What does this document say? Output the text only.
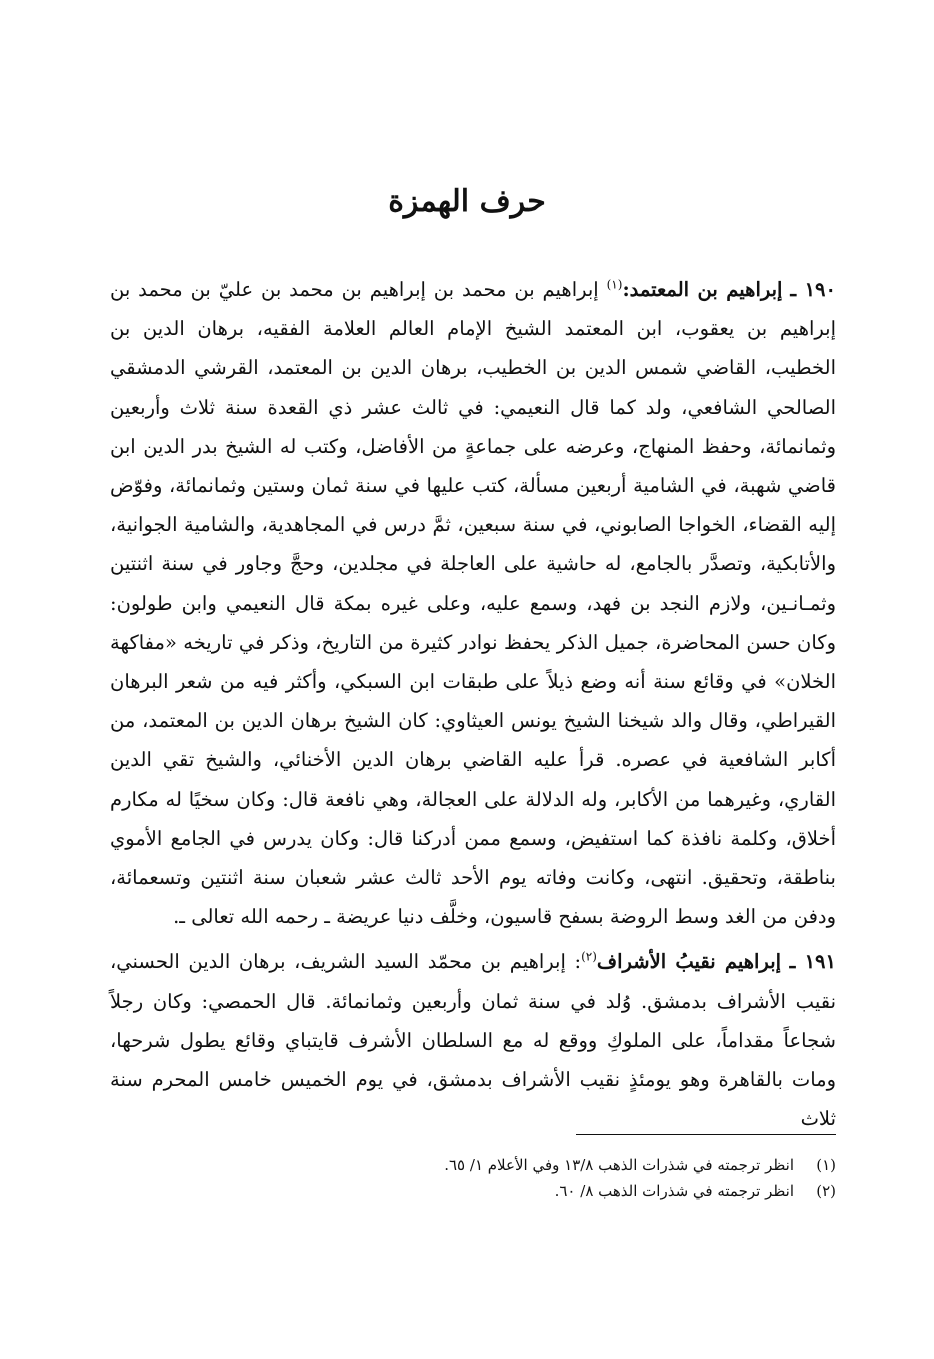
حرف الهمزة

١٩٠ ـ إبراهيم بن المعتمد:$^{(١)}$ إبراهيم بن محمد بن إبراهيم بن محمد بن عليّ بن محمد بن إبراهيم بن يعقوب، ابن المعتمد الشيخ الإمام العالم العلامة الفقيه، برهان الدين بن الخطيب، القاضي شمس الدين بن الخطيب، برهان الدين بن المعتمد، القرشي الدمشقي الصالحي الشافعي، ولد كما قال النعيمي: في ثالث عشر ذي القعدة سنة ثلاث وأربعين وثمانمائة، وحفظ المنهاج، وعرضه على جماعةٍ من الأفاضل، وكتب له الشيخ بدر الدين ابن قاضي شهبة، في الشامية أربعين مسألة، كتب عليها في سنة ثمان وستين وثمانمائة، وفوّض إليه القضاء، الخواجا الصابوني، في سنة سبعين، ثمَّ درس في المجاهدية، والشامية الجوانية، والأتابكية، وتصدَّر بالجامع، له حاشية على العاجلة في مجلدين، وحجَّ وجاور في سنة اثنتين وثمـانـين، ولازم النجد بن فهد، وسمع عليه، وعلى غيره بمكة قال النعيمي وابن طولون: وكان حسن المحاضرة، جميل الذكر يحفظ نوادر كثيرة من التاريخ، وذكر في تاريخه «مفاكهة الخلان» في وقائع سنة أنه وضع ذيلاً على طبقات ابن السبكي، وأكثر فيه من شعر البرهان القيراطي، وقال والد شيخنا الشيخ يونس العيثاوي: كان الشيخ برهان الدين بن المعتمد، من أكابر الشافعية في عصره. قرأ عليه القاضي برهان الدين الأخنائي، والشيخ تقي الدين القاري، وغيرهما من الأكابر، وله الدلالة على العجالة، وهي نافعة قال: وكان سخيًا له مكارم أخلاق، وكلمة نافذة كما استفيض، وسمع ممن أدركنا قال: وكان يدرس في الجامع الأموي بناطقة، وتحقيق. انتهى، وكانت وفاته يوم الأحد ثالث عشر شعبان سنة اثنتين وتسعمائة، ودفن من الغد وسط الروضة بسفح قاسيون، وخلَّف دنيا عريضة ـ رحمه الله تعالى ـ.

١٩١ ـ إبراهيم نقيبُ الأشراف$^{(٢)}$: إبراهيم بن محمّد السيد الشريف، برهان الدين الحسني، نقيب الأشراف بدمشق. وُلد في سنة ثمان وأربعين وثمانمائة. قال الحمصي: وكان رجلاً شجاعاً مقداماً، على الملوكِ ووقع له مع السلطان الأشرف قايتباي وقائع يطول شرحها، ومات بالقاهرة وهو يومئذٍ نقيب الأشراف بدمشق، في يوم الخميس خامس المحرم سنة ثلاث

(١)
انظر ترجمته في شذرات الذهب ١٣/٨ وفي الأعلام ١/ ٦٥.
(٢)
انظر ترجمته في شذرات الذهب ٨/ ٦٠.
